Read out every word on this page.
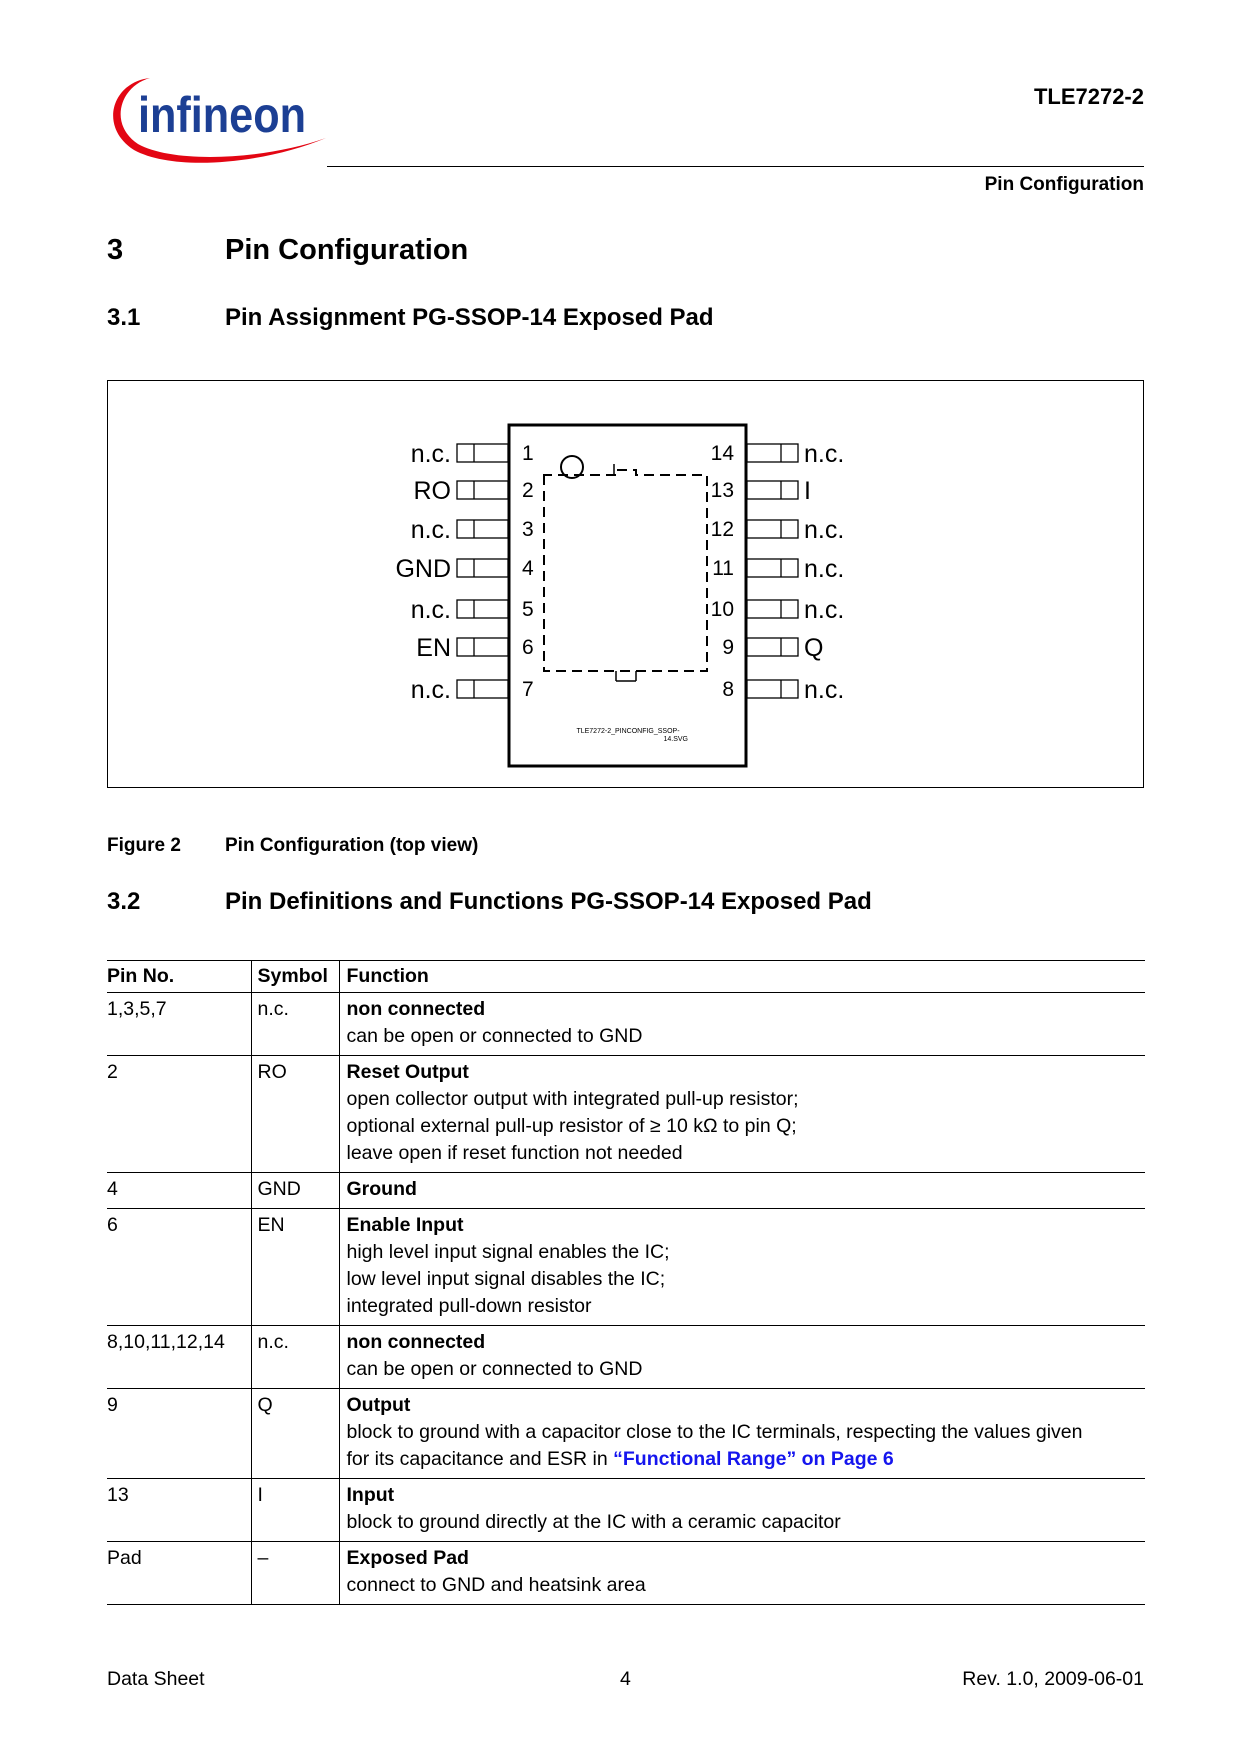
infineon	TLE7272-2
Pin Configuration
3	Pin Configuration
3.1	Pin Assignment PG-SSOP-14 Exposed Pad
n.c.	1
RO	2
n.c.	3
GND	4
n.c.	5
EN	6
n.c.	7
14	n.c.
13	I
12	n.c.
11	n.c.
10	n.c.
9	Q
8	n.c.
TLE7272-2_PINCONFIG_SSOP-
14.SVG
Figure 2 Pin Configuration (top view)
3.2	Pin Definitions and Functions PG-SSOP-14 Exposed Pad
Pin No.	Symbol	Function
1,3,5,7	n.c.	non connected
can be open or connected to GND

2	RO	Reset Output
open collector output with integrated pull-up resistor;
optional external pull-up resistor of ≥ 10 kΩ to pin Q;
leave open if reset function not needed

4	GND	Ground

6	EN	Enable Input
high level input signal enables the IC;
low level input signal disables the IC;
integrated pull-down resistor

8,10,11,12,14	n.c.	non connected
can be open or connected to GND

9	Q	Output
block to ground with a capacitor close to the IC terminals, respecting the values given
for its capacitance and ESR in “Functional Range” on Page 6

13	I	Input
block to ground directly at the IC with a ceramic capacitor

Pad	–	Exposed Pad
connect to GND and heatsink area
Data Sheet	4	Rev. 1.0, 2009-06-01
